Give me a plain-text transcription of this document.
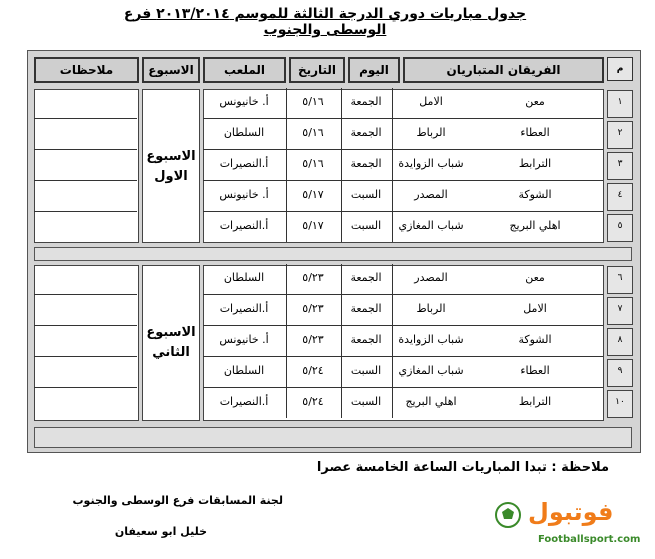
جدول مباريات دوري الدرجة الثالثة للموسم ٢٠١٣/٢٠١٤ فرع الوسطى والجنوب
م
الفريقان المتباريان
اليوم
التاريخ
الملعب
الاسبوع
ملاحظات
الاسبوع الاول
الاسبوع الثاني
١
معن
الامل
الجمعة
٥/١٦
أ. خانيونس
٢
العطاء
الرباط
الجمعة
٥/١٦
السلطان
٣
الترابط
شباب الزوايدة
الجمعة
٥/١٦
أ.النصيرات
٤
الشوكة
المصدر
السبت
٥/١٧
أ. خانيونس
٥
اهلي البريج
شباب المغازي
السبت
٥/١٧
أ.النصيرات
٦
معن
المصدر
الجمعة
٥/٢٣
السلطان
٧
الامل
الرباط
الجمعة
٥/٢٣
أ.النصيرات
٨
الشوكة
شباب الزوايدة
الجمعة
٥/٢٣
أ. خانيونس
٩
العطاء
شباب المغازي
السبت
٥/٢٤
السلطان
١٠
الترابط
اهلي البريج
السبت
٥/٢٤
أ.النصيرات
ملاحظة : تبدا المباريات الساعة الخامسة عصرا
لجنة المسابقات فرع الوسطى والجنوب
خليل ابو سعيفان
فوتبول
Footballsport.com
